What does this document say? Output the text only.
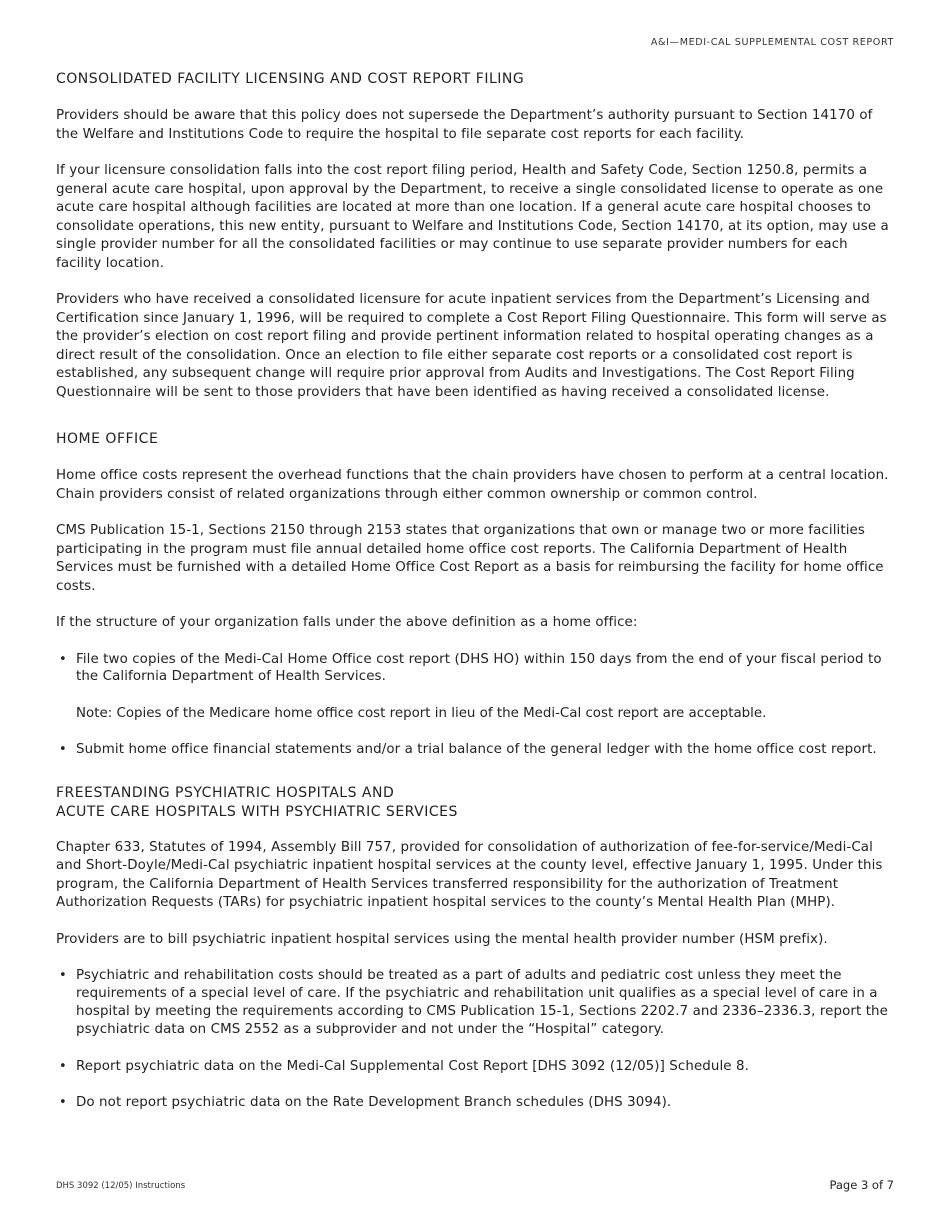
A&I—MEDI-CAL SUPPLEMENTAL COST REPORT
CONSOLIDATED FACILITY LICENSING AND COST REPORT FILING

Providers should be aware that this policy does not supersede the Department’s authority pursuant to Section 14170 of the Welfare and Institutions Code to require the hospital to file separate cost reports for each facility.

If your licensure consolidation falls into the cost report filing period, Health and Safety Code, Section 1250.8, permits a general acute care hospital, upon approval by the Department, to receive a single consolidated license to operate as one acute care hospital although facilities are located at more than one location. If a general acute care hospital chooses to consolidate operations, this new entity, pursuant to Welfare and Institutions Code, Section 14170, at its option, may use a single provider number for all the consolidated facilities or may continue to use separate provider numbers for each facility location.

Providers who have received a consolidated licensure for acute inpatient services from the Department’s Licensing and Certification since January 1, 1996, will be required to complete a Cost Report Filing Questionnaire. This form will serve as the provider’s election on cost report filing and provide pertinent information related to hospital operating changes as a direct result of the consolidation. Once an election to file either separate cost reports or a consolidated cost report is established, any subsequent change will require prior approval from Audits and Investigations. The Cost Report Filing Questionnaire will be sent to those providers that have been identified as having received a consolidated license.

HOME OFFICE

Home office costs represent the overhead functions that the chain providers have chosen to perform at a central location. Chain providers consist of related organizations through either common ownership or common control.

CMS Publication 15-1, Sections 2150 through 2153 states that organizations that own or manage two or more facilities participating in the program must file annual detailed home office cost reports. The California Department of Health Services must be furnished with a detailed Home Office Cost Report as a basis for reimbursing the facility for home office costs.

If the structure of your organization falls under the above definition as a home office:

• File two copies of the Medi-Cal Home Office cost report (DHS HO) within 150 days from the end of your fiscal period to the California Department of Health Services.
Note: Copies of the Medicare home office cost report in lieu of the Medi-Cal cost report are acceptable.
• Submit home office financial statements and/or a trial balance of the general ledger with the home office cost report.
FREESTANDING PSYCHIATRIC HOSPITALS AND
ACUTE CARE HOSPITALS WITH PSYCHIATRIC SERVICES

Chapter 633, Statutes of 1994, Assembly Bill 757, provided for consolidation of authorization of fee-for-service/Medi-Cal and Short-Doyle/Medi-Cal psychiatric inpatient hospital services at the county level, effective January 1, 1995. Under this program, the California Department of Health Services transferred responsibility for the authorization of Treatment Authorization Requests (TARs) for psychiatric inpatient hospital services to the county’s Mental Health Plan (MHP).

Providers are to bill psychiatric inpatient hospital services using the mental health provider number (HSM prefix).

• Psychiatric and rehabilitation costs should be treated as a part of adults and pediatric cost unless they meet the requirements of a special level of care. If the psychiatric and rehabilitation unit qualifies as a special level of care in a hospital by meeting the requirements according to CMS Publication 15-1, Sections 2202.7 and 2336–2336.3, report the psychiatric data on CMS 2552 as a subprovider and not under the “Hospital” category.
• Report psychiatric data on the Medi-Cal Supplemental Cost Report [DHS 3092 (12/05)] Schedule 8.
• Do not report psychiatric data on the Rate Development Branch schedules (DHS 3094).
DHS 3092 (12/05) Instructions	Page 3 of 7
